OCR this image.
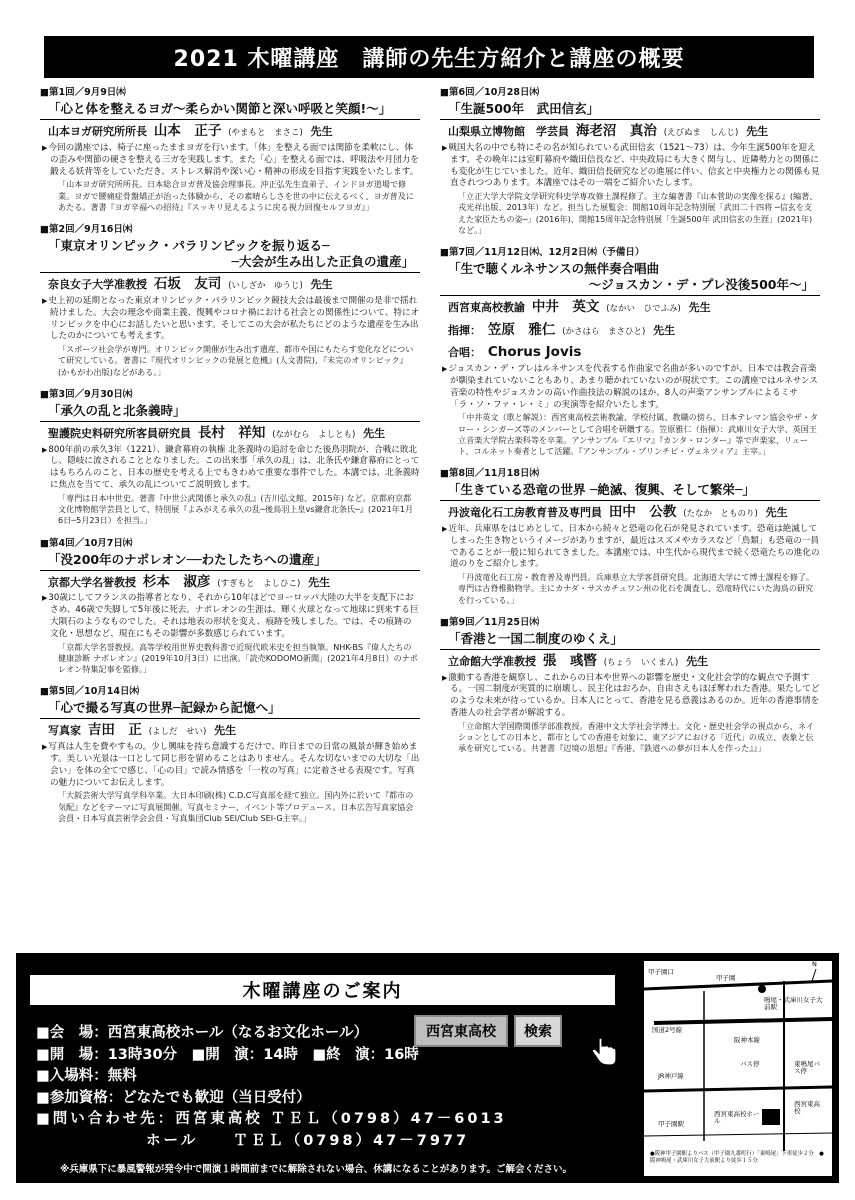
2021 木曜講座　講師の先生方紹介と講座の概要
■第1回／9月9日㈭
「心と体を整えるヨガ～柔らかい関節と深い呼吸と笑顔!～」
山本ヨガ研究所所長 山本　正子 (やまもと　まさこ) 先生
▶ 今回の講座では、椅子に座ったままヨガを行います。「体」を整える面では関節を柔軟にし、体の歪みや関節の硬さを整える三ガを実践します。また「心」を整える面では、呼吸法や月団力を鍛える妖背等をしていただき、ストレス解消や深い心・精神の形成を目指す実践をいたします。
「山本ヨガ研究所所長。日本総合ヨガ普及協会理事長。沖正弘先生直弟子、インドヨガ道場で修業。ヨガで腰痛症骨盤矯正が治った体験から、その素晴らしさを世の中に伝えるべく、ヨガ普及にあたる。著書『ヨガ辛福への招待』『スッキリ見えるように戻る視力回復セルフヨガ』」
■第2回／9月16日㈭
「東京オリンピック・パラリンピックを振り返る─
─大会が生み出した正負の遺産」
奈良女子大学准教授 石坂　友司 (いしざか　ゆうじ) 先生
▶ 史上初の延期となった東京オリンピック・パラリンピック競技大会は最後まで開催の是非で揺れ続けました。大会の理念や商業主義、復興やコロナ禍における社会との関係性について、特にオリンピックを中心にお話したいと思います。そしてこの大会が私たちにどのような遺産を生み出したのかについても考えます。
「スポーツ社会学が専門。オリンピック開催が生み出す遺産、都市や国にもたらす変化などについて研究している。著書に『現代オリンピックの発展と危機』(人文書院)、『未完のオリンピック』(かもがわ出版)などがある。」
■第3回／9月30日㈭
「承久の乱と北条義時」
聖護院史料研究所客員研究員 長村　祥知 (ながむら　よしとも) 先生
▶ 800年前の承久3年（1221）、鎌倉幕府の執権 北条義時の追討を命じた後鳥羽院が、合戦に敗北し、隠岐に流されることとなりました。この出来事「承久の乱」は、北条氏や鎌倉幕府にとってはもちろんのこと、日本の歴史を考える上でもきわめて重要な事件でした。本講では、北条義時に焦点を当てて、承久の乱についてご説明致します。
「専門は日本中世史。著書『中世公武関係と承久の乱』(吉川弘文館、2015年) など。京都府京都文化博物館学芸員として、特別展『よみがえる承久の乱─後鳥羽上皇vs鎌倉北条氏─』(2021年1月6日─5月23日）を担当。」
■第4回／10月7日㈭
「没200年のナポレオン──わたしたちへの遺産」
京都大学名誉教授 杉本　淑彦 (すぎもと　よしひこ) 先生
▶ 30歳にしてフランスの指導者となり、それから10年ほどでヨーロッパ大陸の大半を支配下におさめ、46歳で失脚して5年後に死去。ナポレオンの生涯は、輝く火球となって地球に到来する巨大隕石のようなものでした。それは地表の形状を変え、痕跡を残しました。では、その痕跡の文化・思想など、現在にもその影響が多数感じられています。
「京都大学名誉教授。高等学校用世界史教科書で近現代欧米史を担当執筆。NHK-BS『偉人たちの健康診断 ナポレオン』(2019年10月3日）に出演。「読売KODOMO新聞」(2021年4月8日）のナポレオン特集記事を監修。」
■第5回／10月14日㈭
「心で撮る写真の世界─記録から記憶へ」
写真家 吉田　正 (よしだ　せい) 先生
▶ 写真は人生を費やすもの。少し興味を持ち意識するだけで、昨日までの日常の風景が輝き始めます。美しい光景は一口として同じ形を留めることはありません。そんな切ないまでの大切な「出会い」を体の全てで感じ、「心の目」で読み情感を「一枚の写真」に定着させる表現です。写真の魅力についてお伝えします。
「大阪芸術大学写真学科卒業。大日本印刷(株) C.D.C写真部を経て独立。国内外に於いて『都市の気配』などをテーマに写真展開催。写真セミナー、イベント等プロデュース。日本広告写真家協会会員・日本写真芸術学会会員・写真集団Club SEI/Club SEI-G主宰。」
■第6回／10月28日㈭
「生誕500年　武田信玄」
山梨県立博物館　学芸員 海老沼　真治 (えびぬま　しんじ) 先生
▶ 戦国大名の中でも特にその名が知られている武田信玄（1521～73）は、今年生誕500年を迎えます。その晩年には室町幕府や織田信長など、中央政局にも大きく関与し、近隣勢力との関係にも変化が生じていました。近年、織田信長研究などの進展に伴い、信玄と中央権力との関係も見直されつつあります。本講座ではその一端をご紹介いたします。
「立正大学大学院文学研究科史学専攻修士課程修了。主な編著書『山本菅助の実像を探る』(編著、戎光祥出版、2013年）など。担当した展覧会：開館10周年記念特別展「武田二十四将 ─信玄を支えた家臣たちの姿─」(2016年)、開館15周年記念特別展「生誕500年 武田信玄の生涯」(2021年) など。」
■第7回／11月12日㈭、12月2日㈭（予備日）
「生で聴くルネサンスの無伴奏合唱曲
～ジョスカン・デ・プレ没後500年～」
西宮東高校教諭 中井　英文 (なかい　ひでふみ) 先生
指揮： 笠原　雅仁 (かさはら　まさひと) 先生
合唱： Chorus Jovis
▶ ジョスカン・デ・プレはルネサンスを代表する作曲家で名曲が多いのですが、日本では教会音楽が馴染まれていないこともあり、あまり聴かれていないのが現状です。この講座ではルネサンス音楽の特性やジョスカンの高い作曲技法の解説のほか、8人の声楽アンサンブルによるミサ「ラ・ソ・ファ・レ・ミ」の実演等を紹介いたします。
「中井英文（歌と解説）：西宮東高校芸術教諭、学校付属、教職の傍ら、日本テレマン協会やザ・タロー・シンガーズ等のメンバーとして合唱を研鑽する。笠原雅仁（指揮）：武庫川女子大学、英国王立音楽大学院古楽科等を卒業。アンサンブル『エリマ』『カンタ・ロンター』等で声楽家、リュート、コルネット奏者として活躍。『アンサンブル・プリンチピ・ヴェネツィア』主宰。」
■第8回／11月18日㈭
「生きている恐竜の世界 ─絶滅、復興、そして繁栄─」
丹波竜化石工房教育普及専門員 田中　公教 (たなか　とものり) 先生
▶ 近年、兵庫県をはじめとして、日本から続々と恐竜の化石が発見されています。恐竜は絶滅してしまった生き物というイメージがありますが、最近はスズメやカラスなど「鳥類」も恐竜の一員であることが一般に知られてきました。本講座では、中生代から現代まで続く恐竜たちの進化の道のりをご紹介します。
「丹波竜化石工房・教育普及専門員。兵庫県立大学客員研究員。北海道大学にて博士課程を修了。専門は古脊椎動物学。主にカナダ・サスカチュワン州の化石を調査し、恐竜時代にいた海鳥の研究を行っている。」
■第9回／11月25日㈭
「香港と一国二制度のゆくえ」
立命館大学准教授 張　彧暋 (ちょう　いくまん) 先生
▶ 激動する香港を観察し、これからの日本や世界への影響を歴史・文化社会学的な観点で予測する。一国二制度が実質的に崩壊し、民主化はおろか、自由さえもほぼ奪われた香港。果たしてどのような未来が待っているか。日本人にとって、香港を見る意義はあるのか。近年の香港事情を香港人の社会学者が解説する。
「立命館大学国際関係学部准教授。香港中文大学社会学博士。文化・歴史社会学の視点から、ネイションとしての日本と、都市としての香港を対象に、東アジアにおける「近代」の成立、表象と伝承を研究している。共著書『辺境の思想』『香港、『鉄道への夢が日本人を作った』』」
木曜講座のご案内
西宮東高校	検索
■会　場：西宮東高校ホール（なるお文化ホール）
■開　場：13時30分　■開　演：14時　■終　演：16時
■入場料：無料
■参加資格：どなたでも歓迎（当日受付）
■問い合わせ先：西宮東高校 ＴＥＬ（0798）47－6013
ホール　　ＴＥＬ（0798）47－7977
※兵庫県下に暴風警報が発令中で開演１時間前までに解除されない場合、休講になることがあります。ご解会ください。
N
甲子園口
甲子園
鳴尾・武庫川女子大前駅
国道2号線
阪神本線
JR神戸線
西宮東高校ホール
甲子園駅
バス停	東鳴尾バス停
西宮東高校
●阪神甲子園駅よりバス（甲子園九番町行）「東鳴尾」下車徒歩２分　●阪神鳴尾・武庫川女子大前駅より徒歩１５分
